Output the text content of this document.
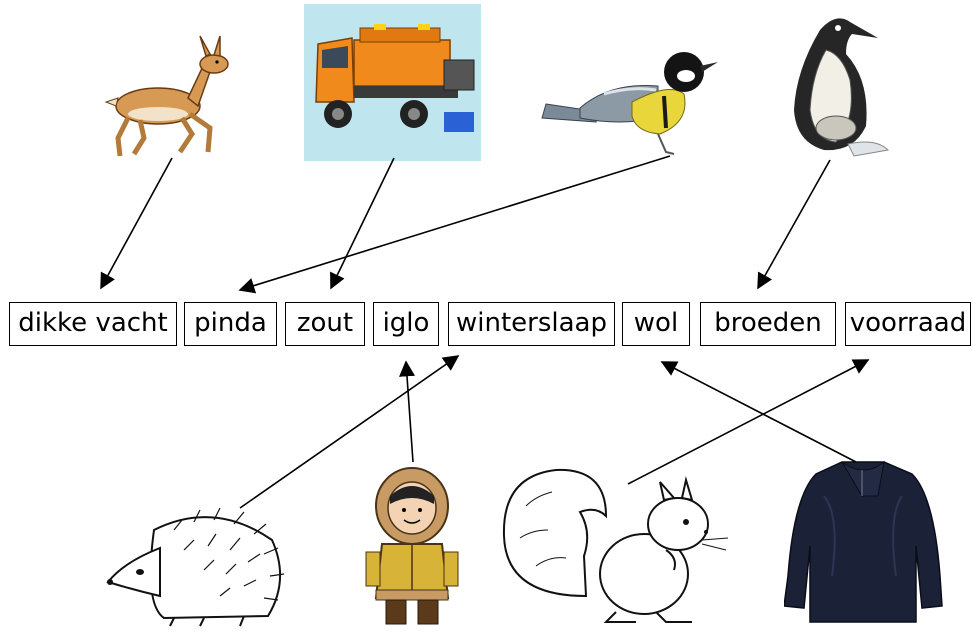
dikke vacht	pinda	zout	iglo	winterslaap	wol	broeden	voorraad
